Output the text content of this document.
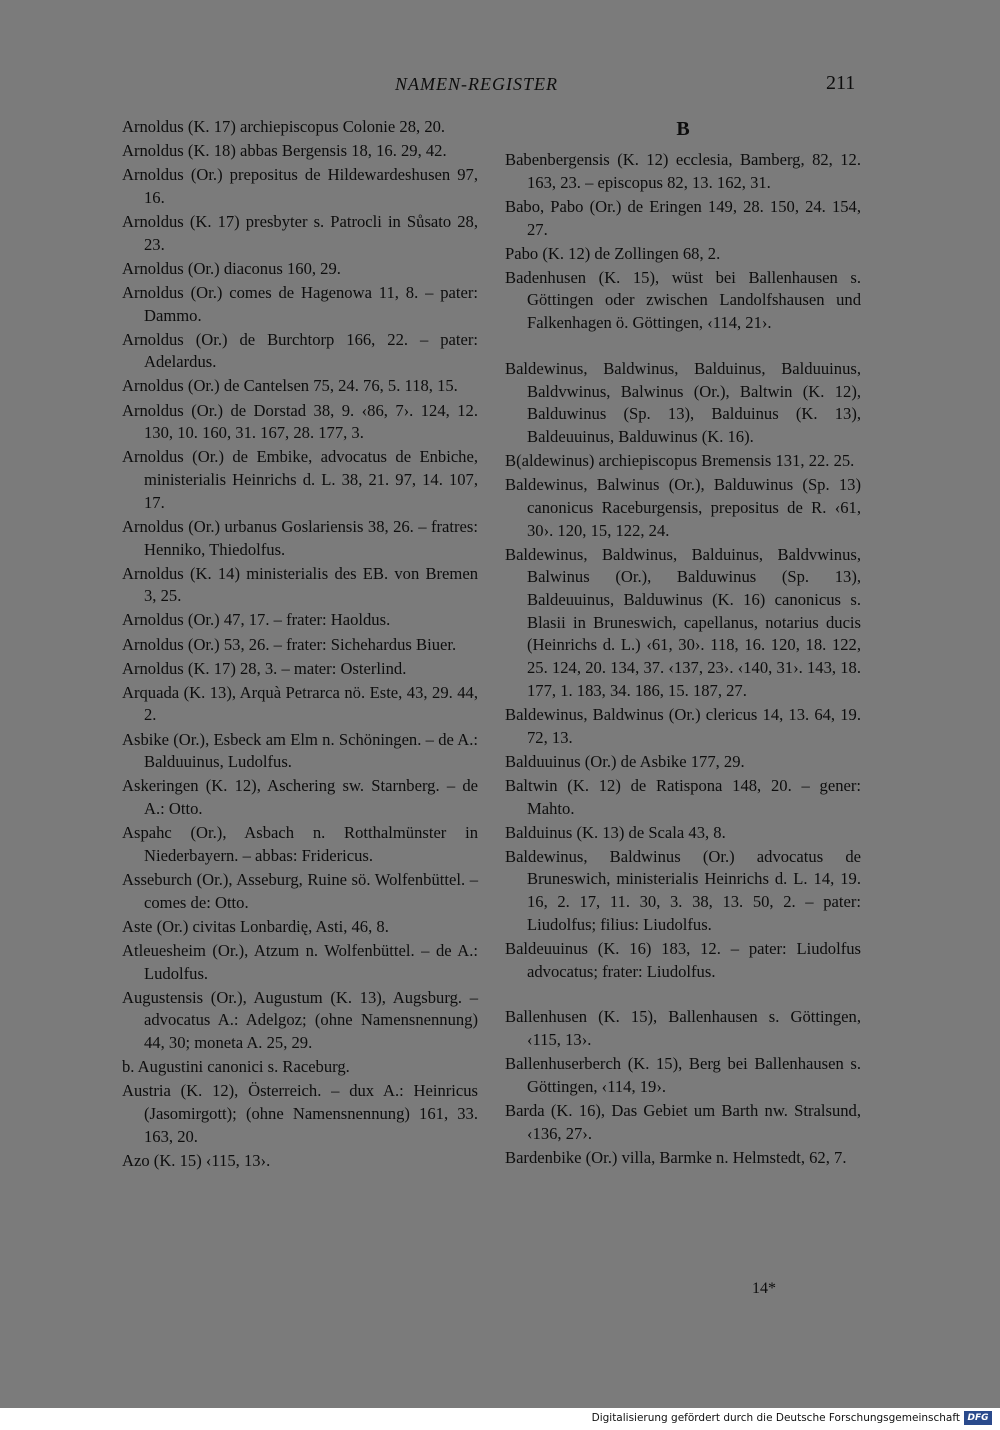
NAMEN-REGISTER	211

Arnoldus (K. 17) archiepiscopus Colonie 28, 20.

Arnoldus (K. 18) abbas Bergensis 18, 16. 29, 42.

Arnoldus (Or.) prepositus de Hildewardeshusen 97, 16.

Arnoldus (K. 17) presbyter s. Patrocli in Sůsato 28, 23.

Arnoldus (Or.) diaconus 160, 29.

Arnoldus (Or.) comes de Hagenowa 11, 8. – pater: Dammo.

Arnoldus (Or.) de Burchtorp 166, 22. – pater: Adelardus.

Arnoldus (Or.) de Cantelsen 75, 24. 76, 5. 118, 15.

Arnoldus (Or.) de Dorstad 38, 9. ‹86, 7›. 124, 12. 130, 10. 160, 31. 167, 28. 177, 3.

Arnoldus (Or.) de Embike, advocatus de Enbiche, ministerialis Heinrichs d. L. 38, 21. 97, 14. 107, 17.

Arnoldus (Or.) urbanus Goslariensis 38, 26. – fratres: Henniko, Thiedolfus.

Arnoldus (K. 14) ministerialis des EB. von Bremen 3, 25.

Arnoldus (Or.) 47, 17. – frater: Haoldus.

Arnoldus (Or.) 53, 26. – frater: Sichehardus Biuer.

Arnoldus (K. 17) 28, 3. – mater: Osterlind.

Arquada (K. 13), Arquà Petrarca nö. Este, 43, 29. 44, 2.

Asbike (Or.), Esbeck am Elm n. Schöningen. – de A.: Balduuinus, Ludolfus.

Askeringen (K. 12), Aschering sw. Starnberg. – de A.: Otto.

Aspahc (Or.), Asbach n. Rotthalmünster in Niederbayern. – abbas: Fridericus.

Asseburch (Or.), Asseburg, Ruine sö. Wolfenbüttel. – comes de: Otto.

Aste (Or.) civitas Lonbardię, Asti, 46, 8.

Atleuesheim (Or.), Atzum n. Wolfenbüttel. – de A.: Ludolfus.

Augustensis (Or.), Augustum (K. 13), Augsburg. – advocatus A.: Adelgoz; (ohne Namensnennung) 44, 30; moneta A. 25, 29.

b. Augustini canonici s. Raceburg.

Austria (K. 12), Österreich. – dux A.: Heinricus (Jasomirgott); (ohne Namensnennung) 161, 33. 163, 20.

Azo (K. 15) ‹115, 13›.

B

Babenbergensis (K. 12) ecclesia, Bamberg, 82, 12. 163, 23. – episcopus 82, 13. 162, 31.

Babo, Pabo (Or.) de Eringen 149, 28. 150, 24. 154, 27.

Pabo (K. 12) de Zollingen 68, 2.

Badenhusen (K. 15), wüst bei Ballenhausen s. Göttingen oder zwischen Landolfshausen und Falkenhagen ö. Göttingen, ‹114, 21›.

Baldewinus, Baldwinus, Balduinus, Balduuinus, Baldvwinus, Balwinus (Or.), Baltwin (K. 12), Balduwinus (Sp. 13), Balduinus (K. 13), Baldeuuinus, Balduwinus (K. 16).

B(aldewinus) archiepiscopus Bremensis 131, 22. 25.

Baldewinus, Balwinus (Or.), Balduwinus (Sp. 13) canonicus Raceburgensis, prepositus de R. ‹61, 30›. 120, 15, 122, 24.

Baldewinus, Baldwinus, Balduinus, Baldvwinus, Balwinus (Or.), Balduwinus (Sp. 13), Baldeuuinus, Balduwinus (K. 16) canonicus s. Blasii in Bruneswich, capellanus, notarius ducis (Heinrichs d. L.) ‹61, 30›. 118, 16. 120, 18. 122, 25. 124, 20. 134, 37. ‹137, 23›. ‹140, 31›. 143, 18. 177, 1. 183, 34. 186, 15. 187, 27.

Baldewinus, Baldwinus (Or.) clericus 14, 13. 64, 19. 72, 13.

Balduuinus (Or.) de Asbike 177, 29.

Baltwin (K. 12) de Ratispona 148, 20. – gener: Mahto.

Balduinus (K. 13) de Scala 43, 8.

Baldewinus, Baldwinus (Or.) advocatus de Bruneswich, ministerialis Heinrichs d. L. 14, 19. 16, 2. 17, 11. 30, 3. 38, 13. 50, 2. – pater: Liudolfus; filius: Liudolfus.

Baldeuuinus (K. 16) 183, 12. – pater: Liudolfus advocatus; frater: Liudolfus.

Ballenhusen (K. 15), Ballenhausen s. Göttingen, ‹115, 13›.

Ballenhuserberch (K. 15), Berg bei Ballenhausen s. Göttingen, ‹114, 19›.

Barda (K. 16), Das Gebiet um Barth nw. Stralsund, ‹136, 27›.

Bardenbike (Or.) villa, Barmke n. Helmstedt, 62, 7.

14*
Digitalisierung gefördert durch die Deutsche Forschungsgemeinschaft DFG
